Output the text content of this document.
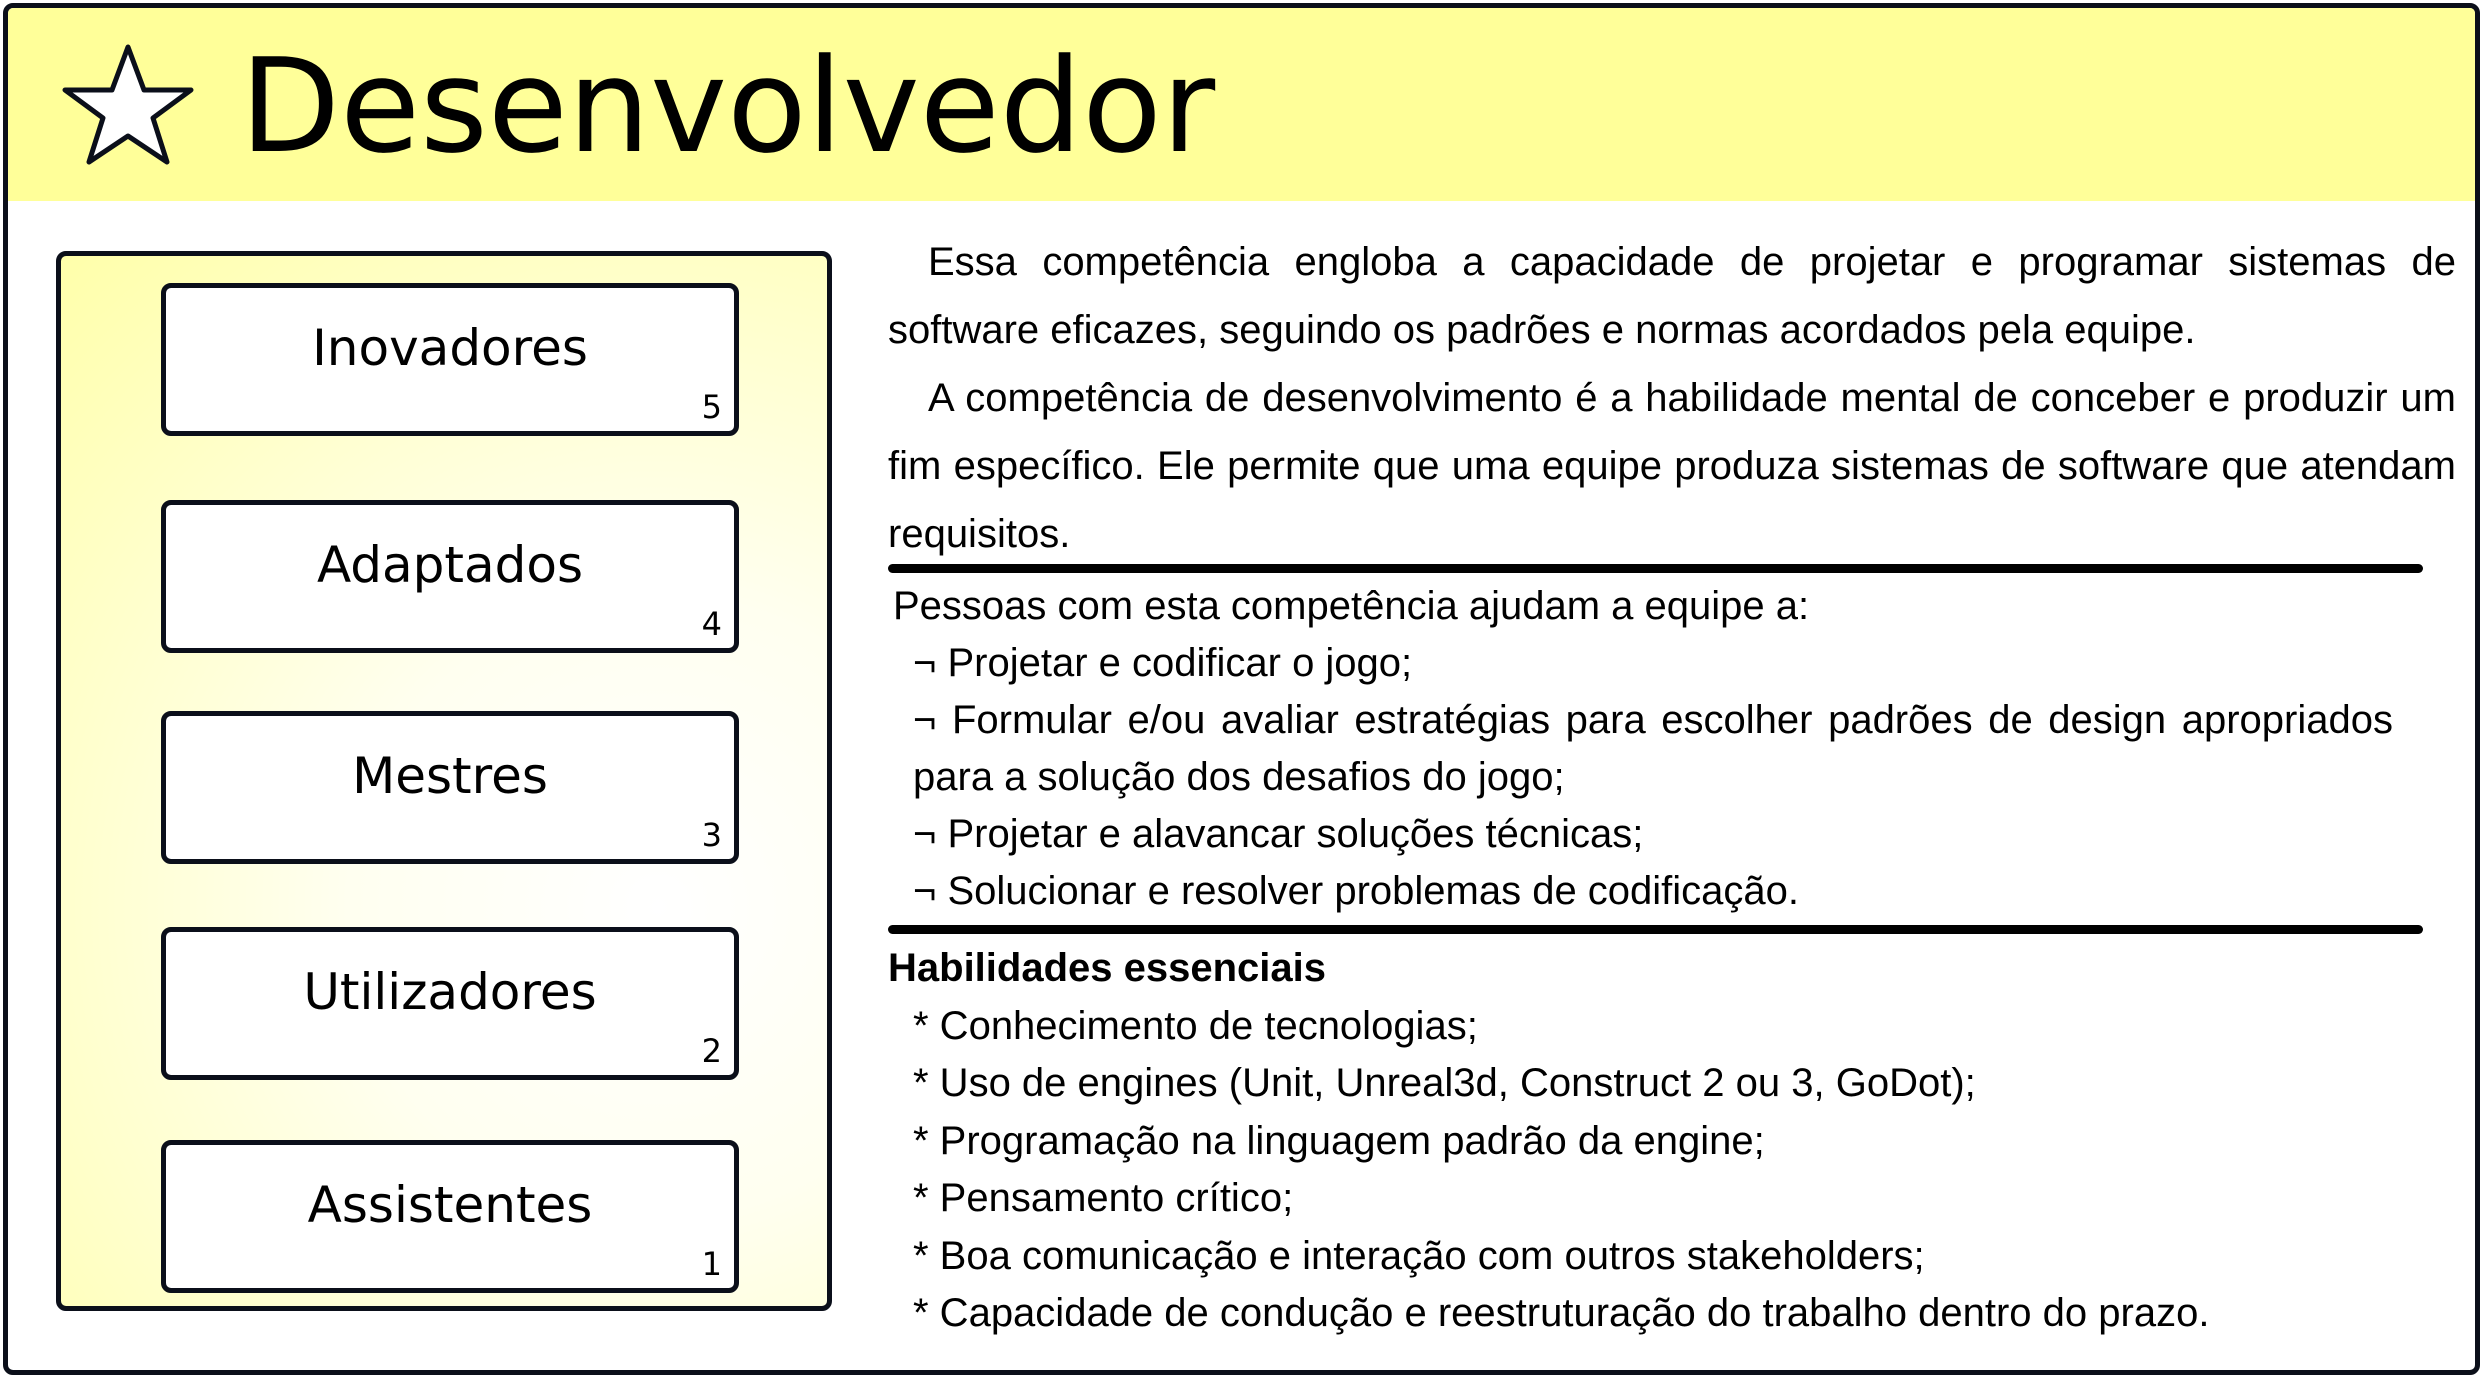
Desenvolvedor
Inovadores
5
Adaptados
4
Mestres
3
Utilizadores
2
Assistentes
1

Essa competência engloba a capacidade de projetar e programar sistemas de software eficazes, seguindo os padrões e normas acordados pela equipe.

A competência de desenvolvimento é a habilidade mental de conceber e produzir um fim específico. Ele permite que uma equipe produza sistemas de software que atendam requisitos.

Pessoas com esta competência ajudam a equipe a:
¬ Projetar e codificar o jogo;
¬ Formular e/ou avaliar estratégias para escolher padrões de design apropriados para a solução dos desafios do jogo;
¬ Projetar e alavancar soluções técnicas;
¬ Solucionar e resolver problemas de codificação.
Habilidades essenciais
* Conhecimento de tecnologias;
* Uso de engines (Unit, Unreal3d, Construct 2 ou 3, GoDot);
* Programação na linguagem padrão da engine;
* Pensamento crítico;
* Boa comunicação e interação com outros stakeholders;
* Capacidade de condução e reestruturação do trabalho dentro do prazo.
